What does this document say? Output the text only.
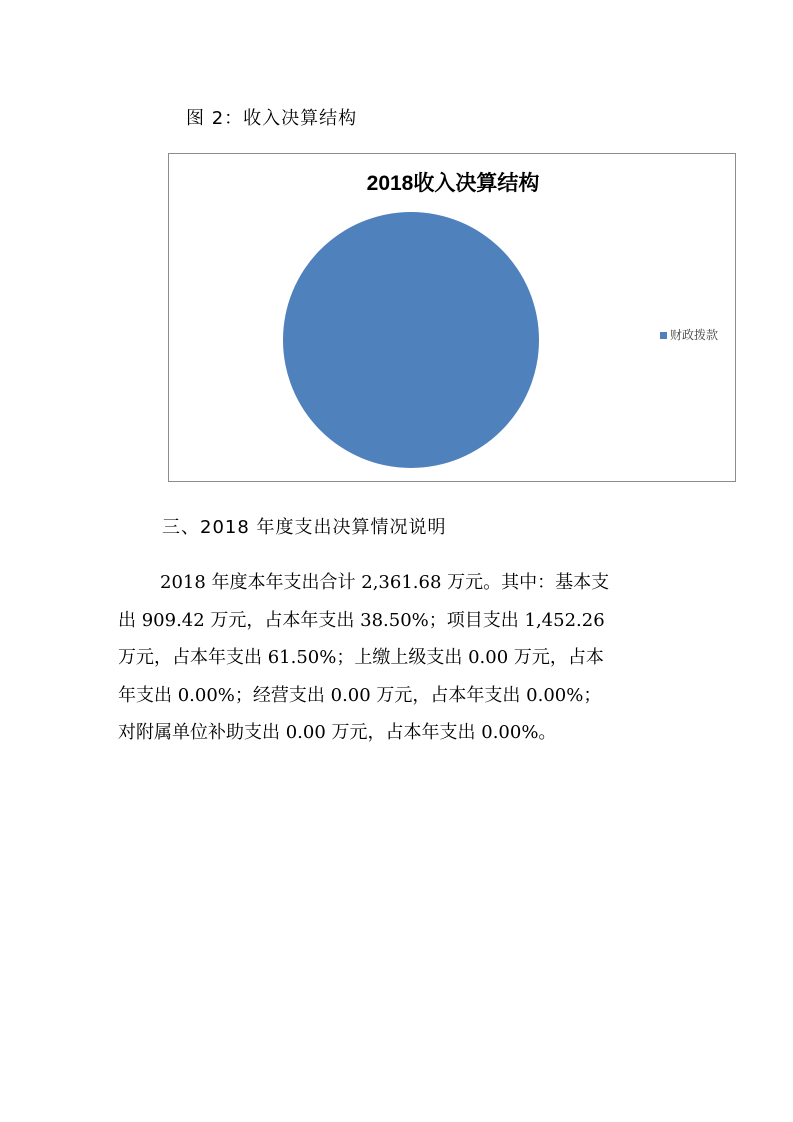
图 2：收入决算结构
2018收入决算结构
财政拨款
三、2018 年度支出决算情况说明
2018 年度本年支出合计 2,361.68 万元。其中：基本支
出 909.42 万元，占本年支出 38.50%；项目支出 1,452.26
万元，占本年支出 61.50%；上缴上级支出 0.00 万元，占本
年支出 0.00%；经营支出 0.00 万元，占本年支出 0.00%；
对附属单位补助支出 0.00 万元，占本年支出 0.00%。
